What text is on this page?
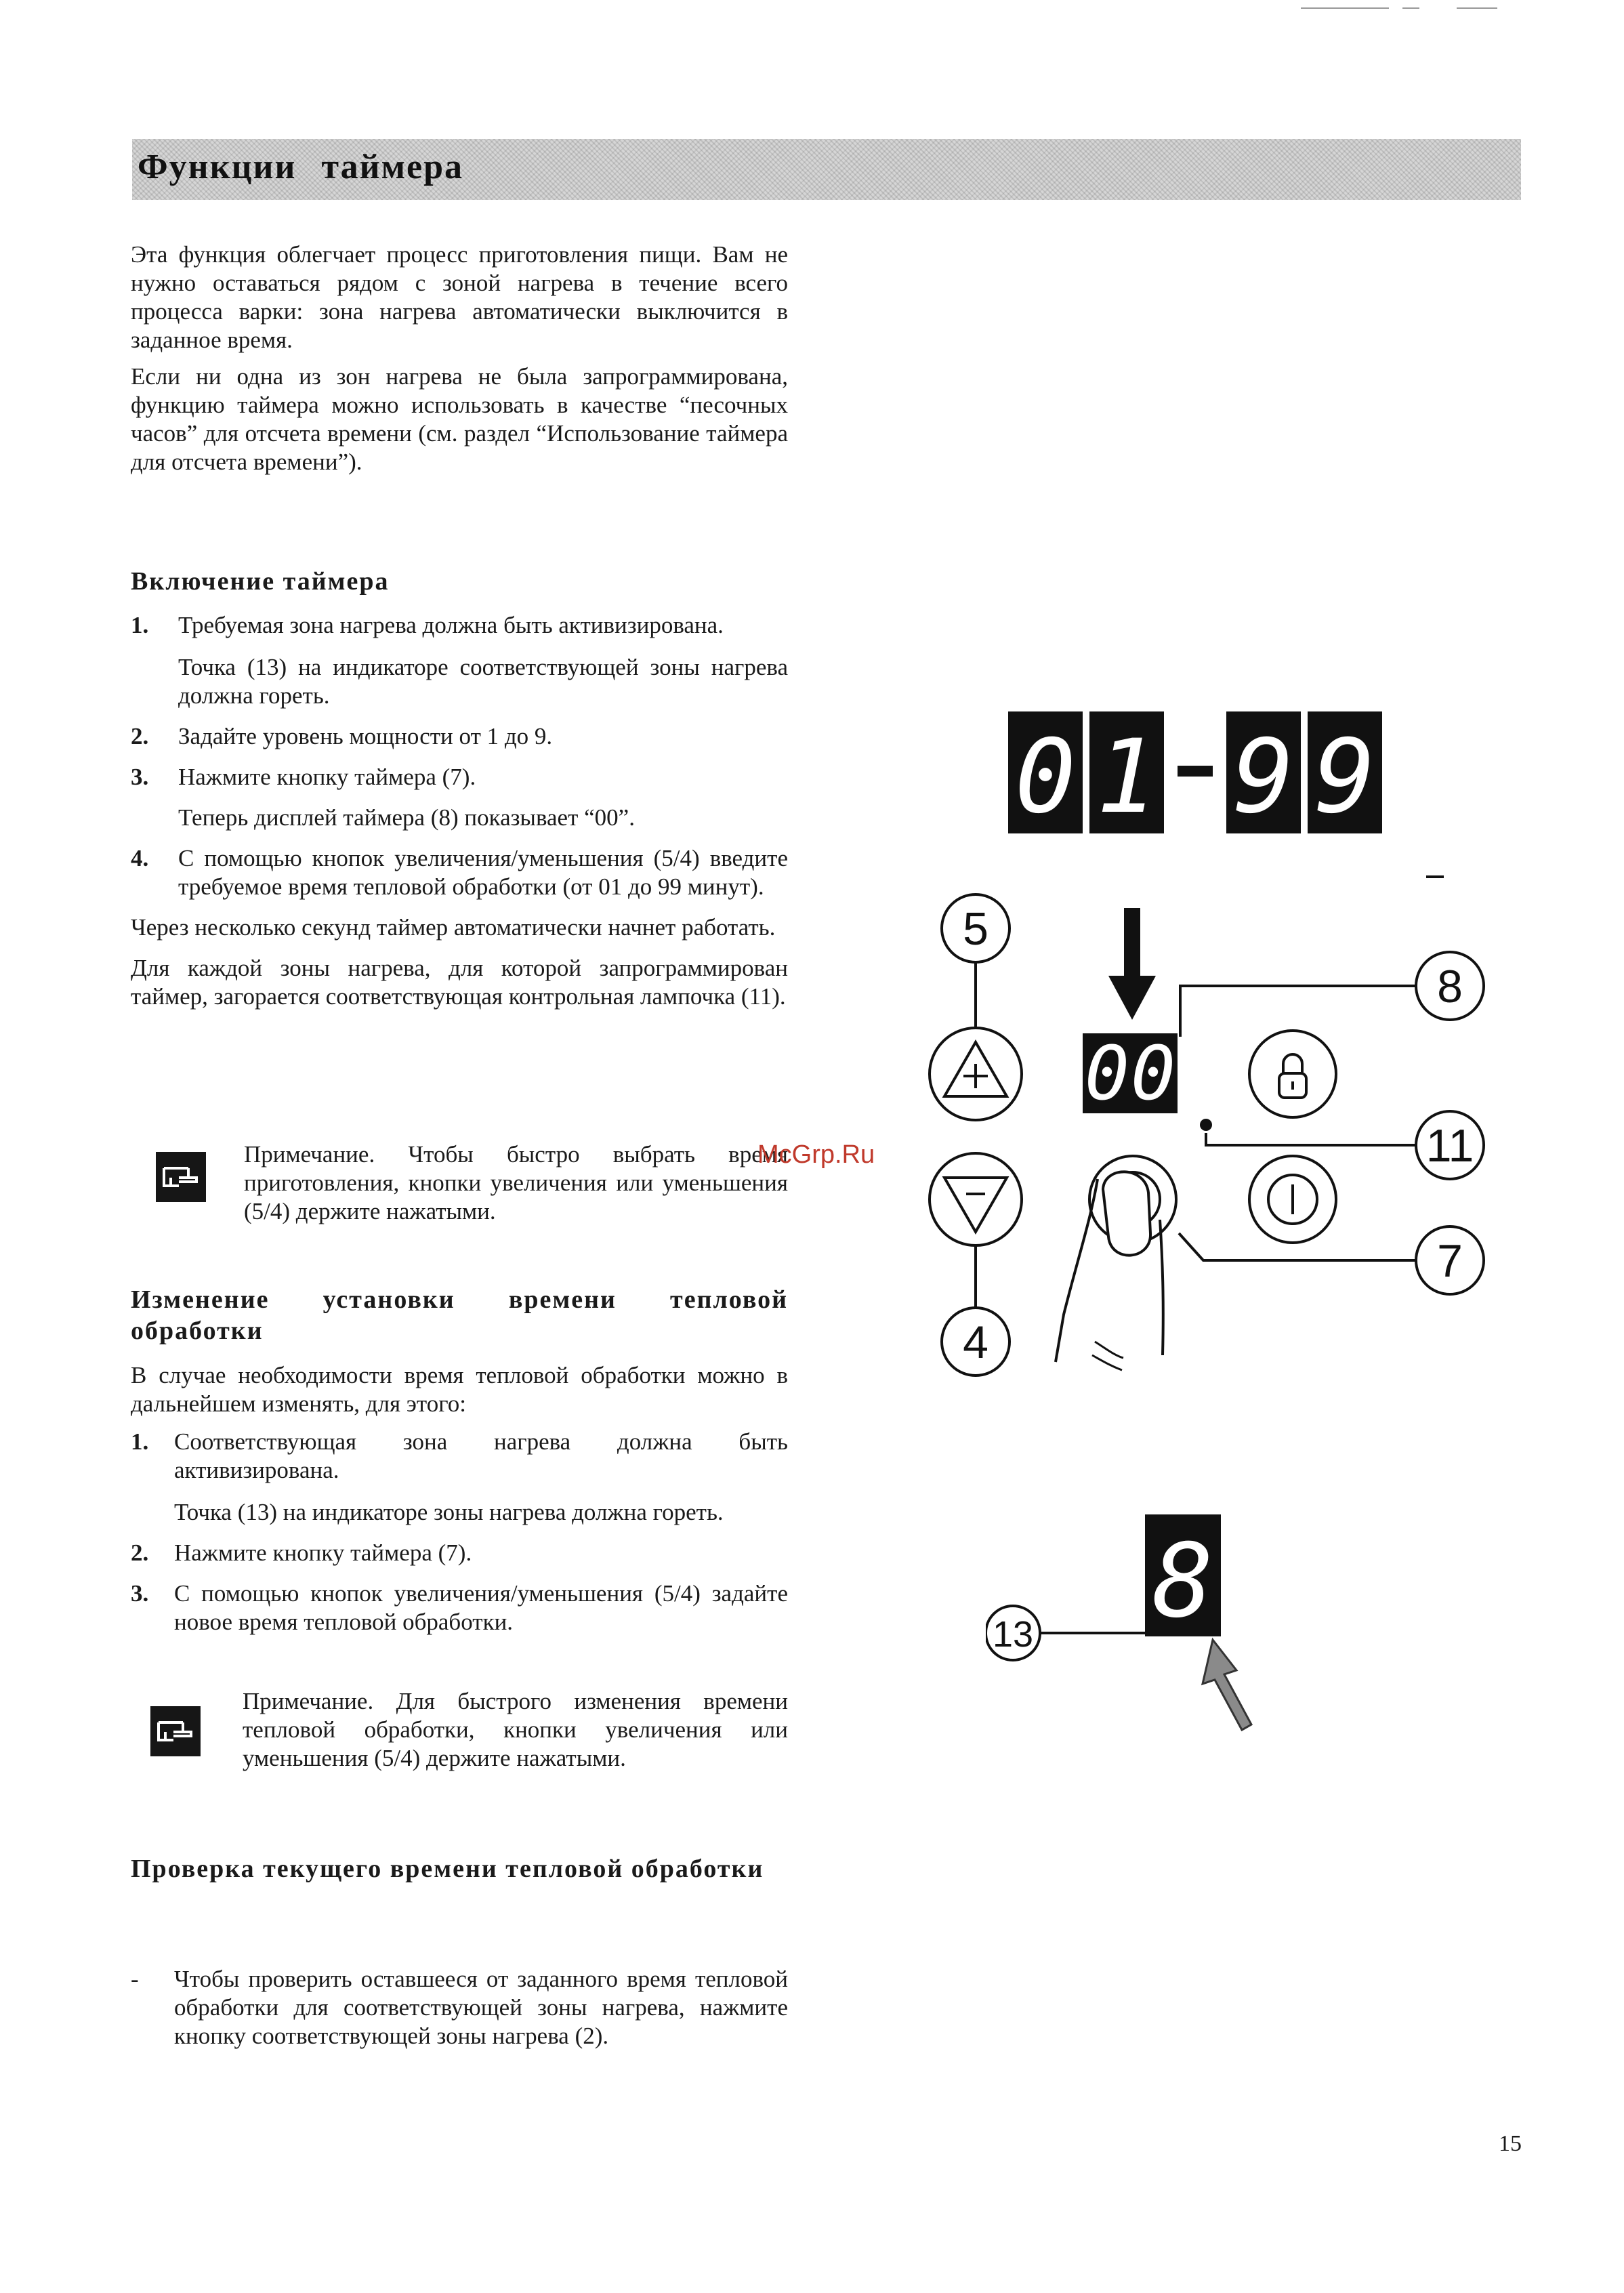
Функции таймера

Эта функция облегчает процесс приготовления пищи. Вам не нужно оставаться рядом с зоной нагрева в течение всего процесса варки: зона нагрева автоматически выключится в заданное время.

Если ни одна из зон нагрева не была запрограммирована, функцию таймера можно использовать в качестве “песочных часов” для отсчета времени (см. раздел “Использование таймера для отсчета времени”).

Включение таймера
1.	Требуемая зона нагрева должна быть активизирована.

Точка (13) на индикаторе соответствующей зоны нагрева должна гореть.

2.	Задайте уровень мощности от 1 до 9.

3.	Нажмите кнопку таймера (7).

Теперь дисплей таймера (8) показывает “00”.

4.	С помощью кнопок увеличения/уменьшения (5/4) введите требуемое время тепловой обработки (от 01 до 99 минут).

Через несколько секунд таймер автоматически начнет работать.

Для каждой зоны нагрева, для которой запрограммирован таймер, загорается соответствующая контрольная лампочка (11).

Примечание. Чтобы быстро выбрать время приготовления, кнопки увеличения или уменьшения (5/4) держите нажатыми.

Изменение установки времени тепловой обработки

В случае необходимости время тепловой обработки можно в дальнейшем изменять, для этого:

1.	Соответствующая зона нагрева должна быть активизирована.

Точка (13) на индикаторе зоны нагрева должна гореть.

2.	Нажмите кнопку таймера (7).

3.	С помощью кнопок увеличения/уменьшения (5/4) задайте новое время тепловой обработки.

Примечание. Для быстрого изменения времени тепловой обработки, кнопки увеличения или уменьшения (5/4) держите нажатыми.

Проверка текущего времени тепловой обработки
-	Чтобы проверить оставшееся от заданного время тепловой обработки для соответствующей зоны нагрева, нажмите кнопку соответствующей зоны нагрева (2).

McGrp.Ru
0 1 9 9
0 0
5
4
8
11
7
8
13
15
